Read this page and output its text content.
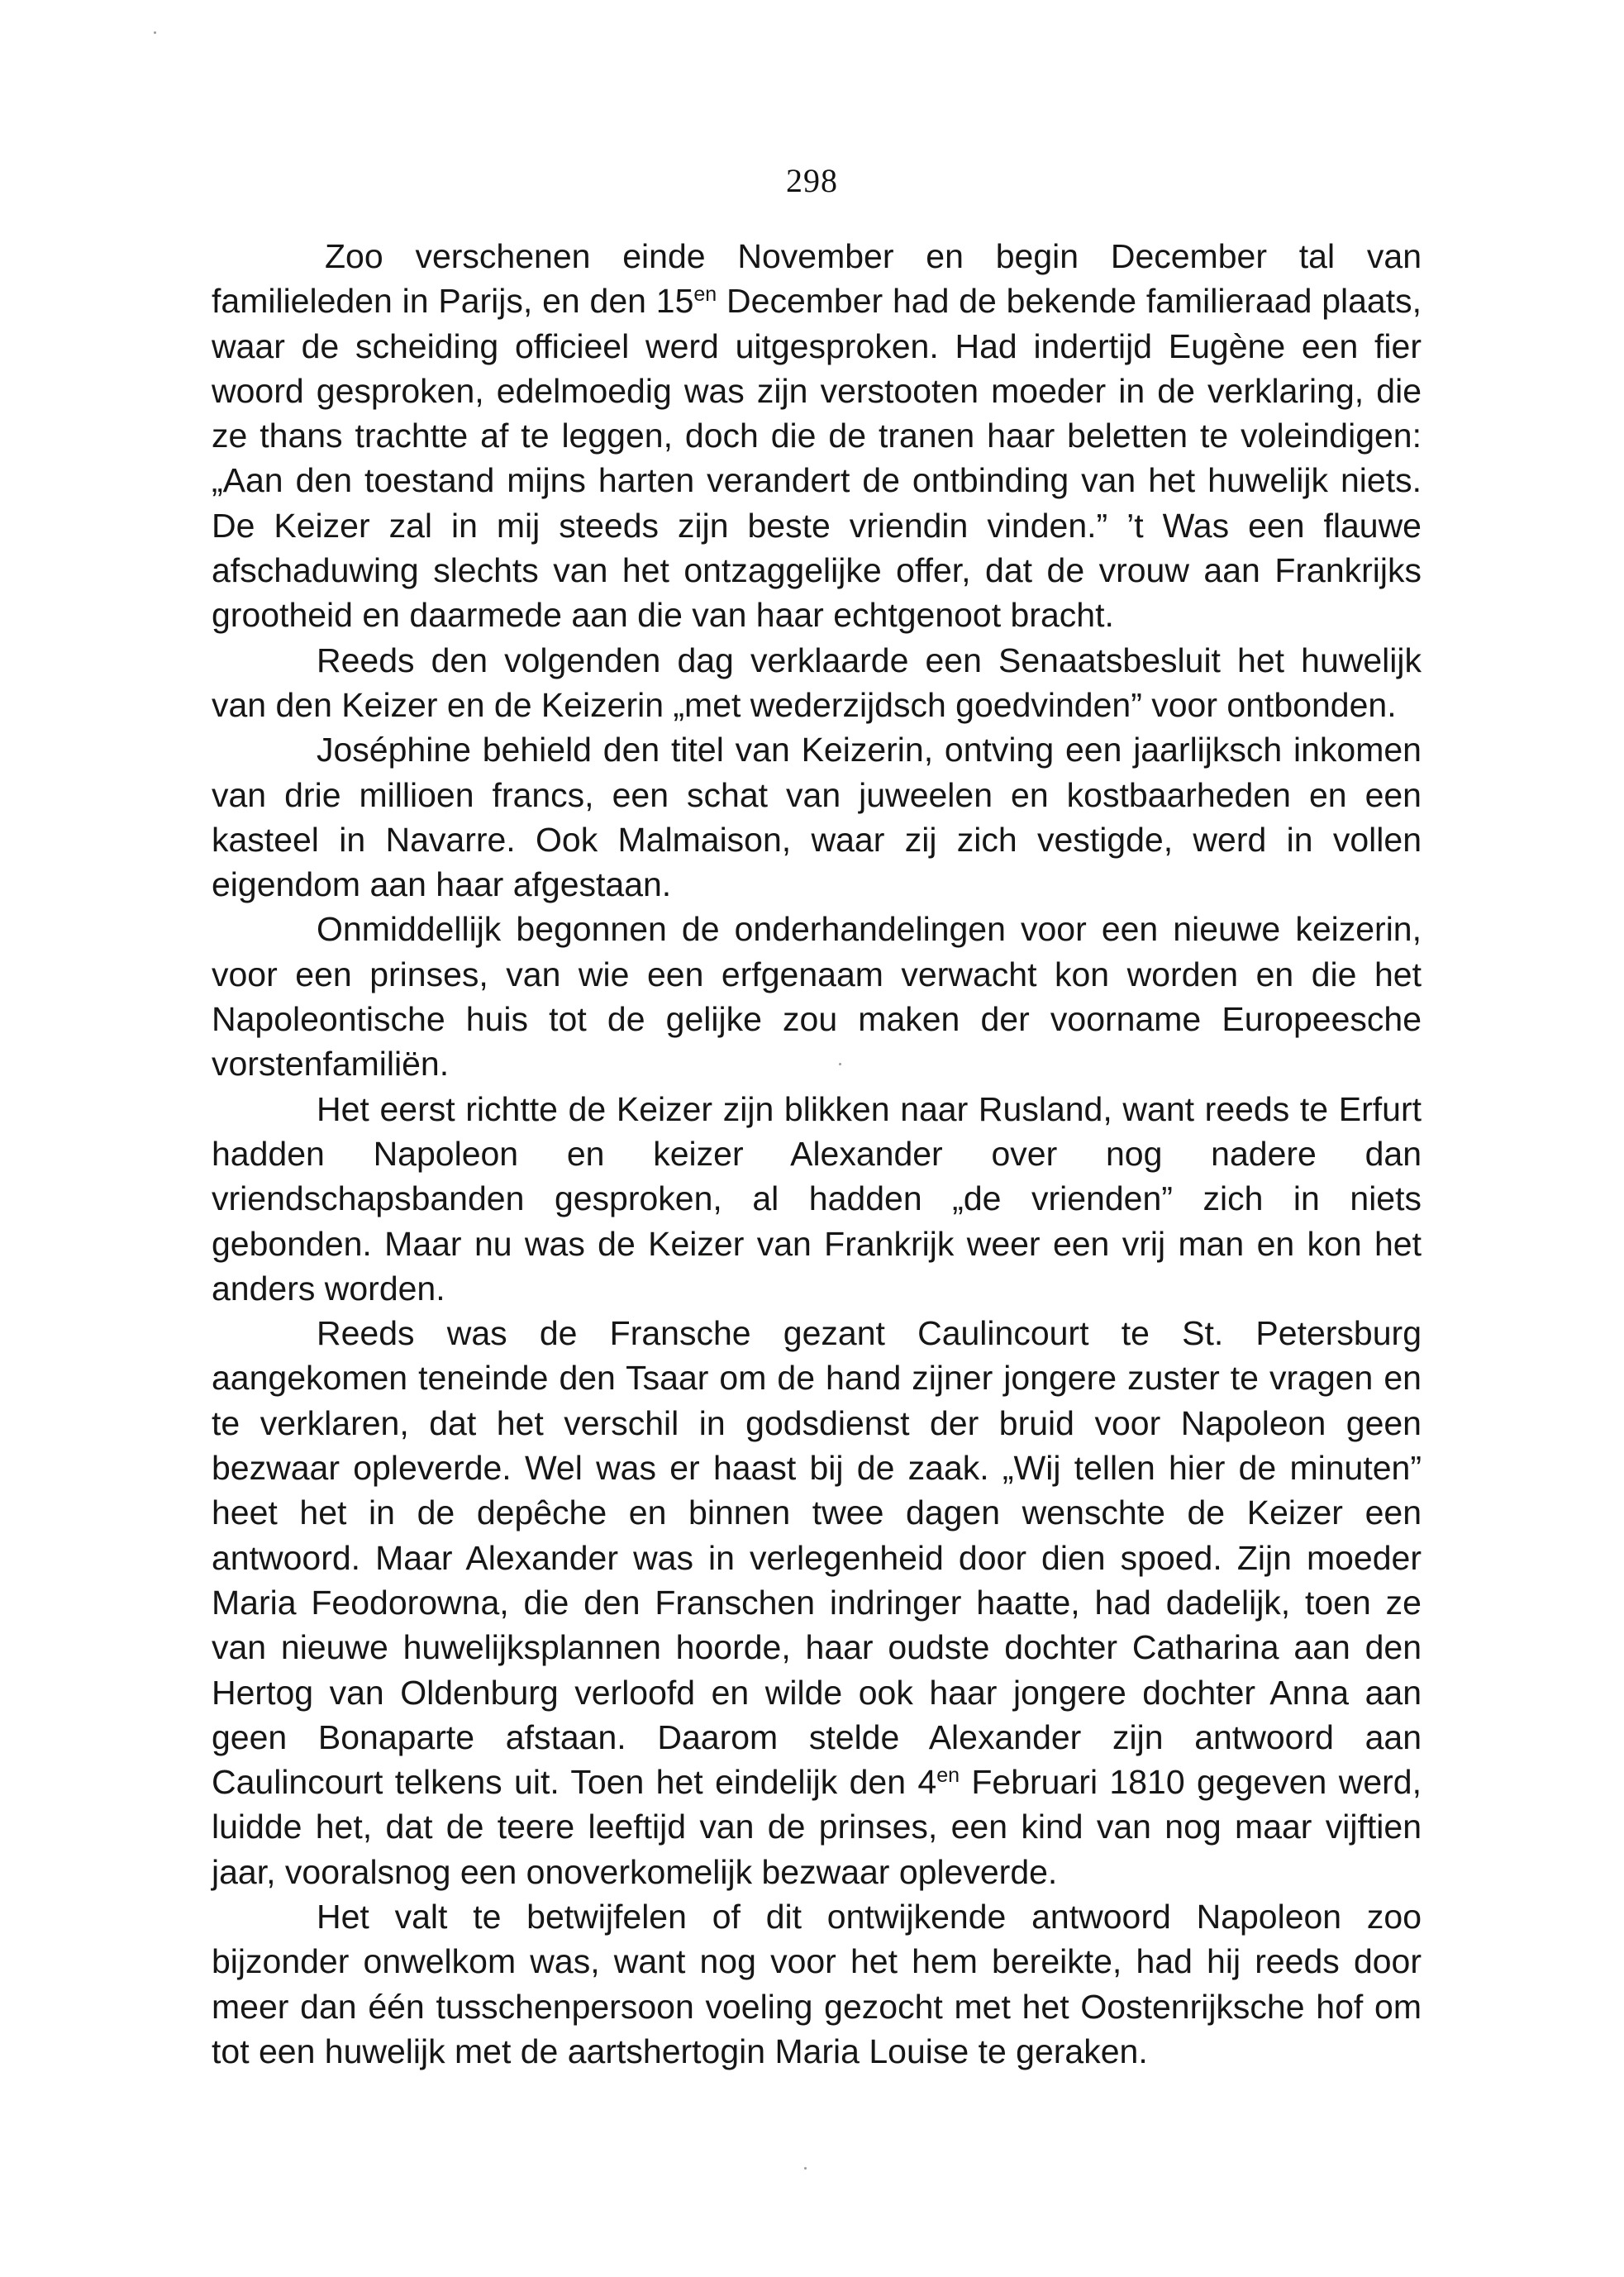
298

Zoo verschenen einde November en begin December tal van familieleden in Parijs, en den $15^{en}$ December had de bekende familieraad plaats, waar de scheiding officieel werd uitgesproken. Had indertijd Eugène een fier woord gesproken, edelmoedig was zijn verstooten moeder in de verklaring, die ze thans trachtte af te leggen, doch die de tranen haar beletten te voleindigen: „Aan den toestand mijns harten verandert de ontbinding van het huwelijk niets. De Keizer zal in mij steeds zijn beste vriendin vinden.” ’t Was een flauwe afschaduwing slechts van het ontzaggelijke offer, dat de vrouw aan Frankrijks grootheid en daarmede aan die van haar echtgenoot bracht.

Reeds den volgenden dag verklaarde een Senaatsbesluit het huwelijk van den Keizer en de Keizerin „met wederzijdsch goedvinden” voor ontbonden.

Joséphine behield den titel van Keizerin, ontving een jaarlijksch inkomen van drie millioen francs, een schat van juweelen en kostbaarheden en een kasteel in Navarre. Ook Malmaison, waar zij zich vestigde, werd in vollen eigendom aan haar afgestaan.

Onmiddellijk begonnen de onderhandelingen voor een nieuwe keizerin, voor een prinses, van wie een erfgenaam verwacht kon worden en die het Napoleontische huis tot de gelijke zou maken der voorname Europeesche vorstenfamiliën.

Het eerst richtte de Keizer zijn blikken naar Rusland, want reeds te Erfurt hadden Napoleon en keizer Alexander over nog nadere dan vriendschapsbanden gesproken, al hadden „de vrienden” zich in niets gebonden. Maar nu was de Keizer van Frankrijk weer een vrij man en kon het anders worden.

Reeds was de Fransche gezant Caulincourt te St. Petersburg aangekomen teneinde den Tsaar om de hand zijner jongere zuster te vragen en te verklaren, dat het verschil in godsdienst der bruid voor Napoleon geen bezwaar opleverde. Wel was er haast bij de zaak. „Wij tellen hier de minuten” heet het in de depêche en binnen twee dagen wenschte de Keizer een antwoord. Maar Alexander was in verlegenheid door dien spoed. Zijn moeder Maria Feodorowna, die den Franschen indringer haatte, had dadelijk, toen ze van nieuwe huwelijksplannen hoorde, haar oudste dochter Catharina aan den Hertog van Oldenburg verloofd en wilde ook haar jongere dochter Anna aan geen Bonaparte afstaan. Daarom stelde Alexander zijn antwoord aan Caulincourt telkens uit. Toen het eindelijk den $4^{en}$ Februari 1810 gegeven werd, luidde het, dat de teere leeftijd van de prinses, een kind van nog maar vijftien jaar, vooralsnog een onoverkomelijk bezwaar opleverde.

Het valt te betwijfelen of dit ontwijkende antwoord Napoleon zoo bijzonder onwelkom was, want nog voor het hem bereikte, had hij reeds door meer dan één tusschenpersoon voeling gezocht met het Oostenrijksche hof om tot een huwelijk met de aartshertogin Maria Louise te geraken.
